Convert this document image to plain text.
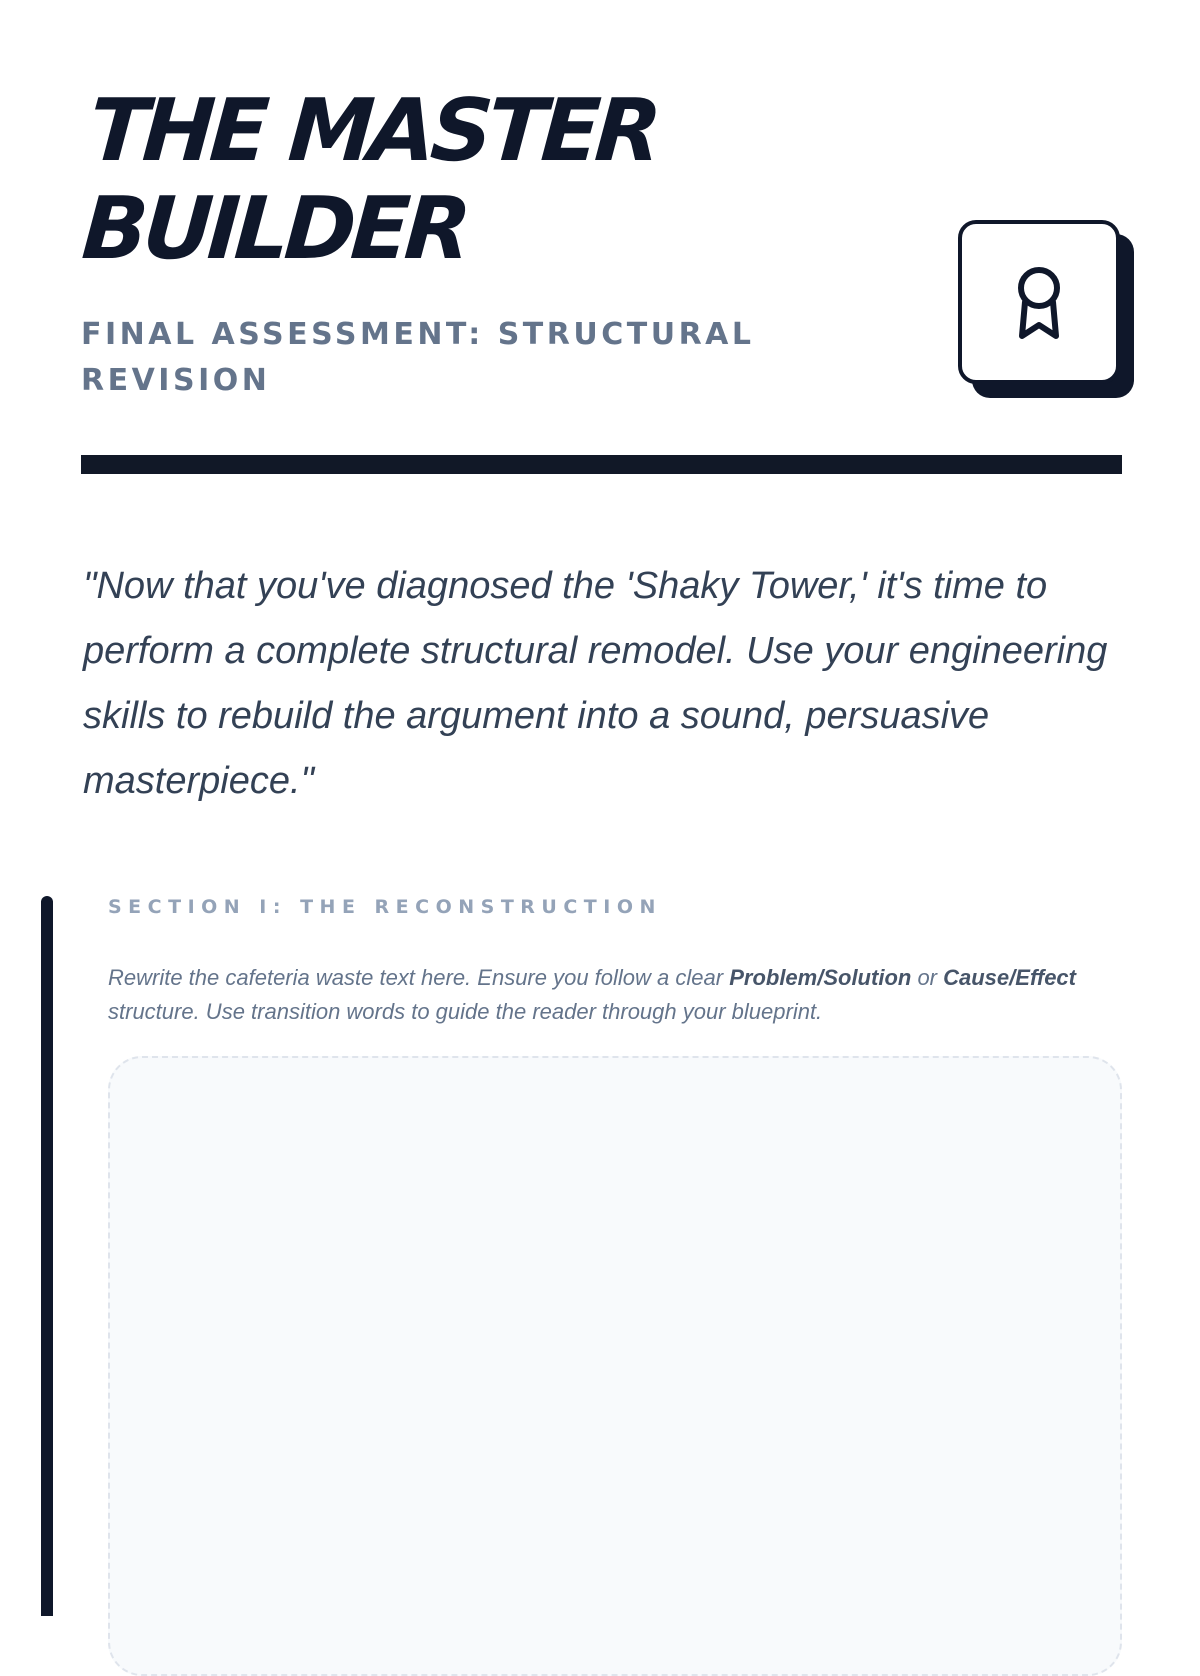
THE MASTER
BUILDER

FINAL ASSESSMENT: STRUCTURAL REVISION

"Now that you've diagnosed the 'Shaky Tower,' it's time to perform a complete structural remodel. Use your engineering skills to rebuild the argument into a sound, persuasive masterpiece."

SECTION I: THE RECONSTRUCTION

Rewrite the cafeteria waste text here. Ensure you follow a clear Problem/Solution or Cause/Effect structure. Use transition words to guide the reader through your blueprint.
